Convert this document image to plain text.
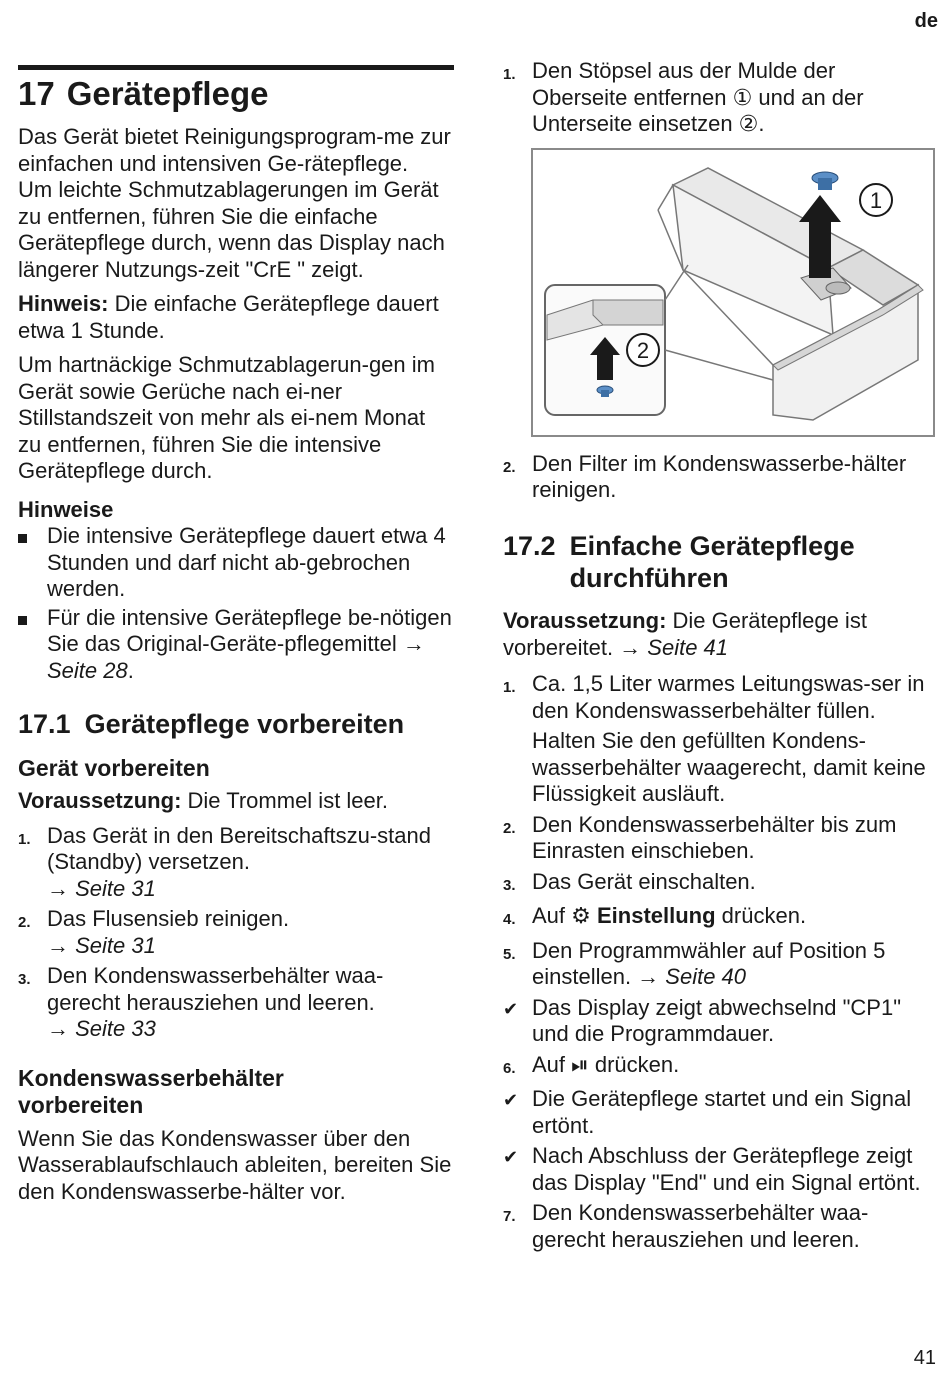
de
17 Gerätepflege

Das Gerät bietet Reinigungsprogram-me zur einfachen und intensiven Ge-rätepflege.

Um leichte Schmutzablagerungen im Gerät zu entfernen, führen Sie die einfache Gerätepflege durch, wenn das Display nach längerer Nutzungs-zeit "CrE " zeigt.

Hinweis: Die einfache Gerätepflege dauert etwa 1 Stunde.

Um hartnäckige Schmutzablagerun-gen im Gerät sowie Gerüche nach ei-ner Stillstandszeit von mehr als ei-nem Monat zu entfernen, führen Sie die intensive Gerätepflege durch.

Hinweise

Die intensive Gerätepflege dauert etwa 4 Stunden und darf nicht ab-gebrochen werden.
Für die intensive Gerätepflege be-nötigen Sie das Original-Geräte-pflegemittel → Seite 28.
17.1 Gerätepflege vorbereiten
Gerät vorbereiten

Voraussetzung: Die Trommel ist leer.

1. Das Gerät in den Bereitschaftszu-stand (Standby) versetzen.
→ Seite 31
2. Das Flusensieb reinigen.
→ Seite 31
3. Den Kondenswasserbehälter waa-gerecht herausziehen und leeren.
→ Seite 33
Kondenswasserbehälter vorbereiten

Wenn Sie das Kondenswasser über den Wasserablaufschlauch ableiten, bereiten Sie den Kondenswasserbe-hälter vor.

1. Den Stöpsel aus der Mulde der Oberseite entfernen ① und an der Unterseite einsetzen ②.
1
2
2. Den Filter im Kondenswasserbe-hälter reinigen.
17.2 Einfache Gerätepflege durchführen

Voraussetzung: Die Gerätepflege ist vorbereitet. → Seite 41

1. Ca. 1,5 Liter warmes Leitungswas-ser in den Kondenswasserbehälter füllen.
Halten Sie den gefüllten Kondens-wasserbehälter waagerecht, damit keine Flüssigkeit ausläuft.
2. Den Kondenswasserbehälter bis zum Einrasten einschieben.
3. Das Gerät einschalten.
4. Auf ⚙ Einstellung drücken.
5. Den Programmwähler auf Position 5 einstellen. → Seite 40
✔ Das Display zeigt abwechselnd "CP1" und die Programmdauer.
6. Auf ⏯ drücken.
✔ Die Gerätepflege startet und ein Signal ertönt.
✔ Nach Abschluss der Gerätepflege zeigt das Display "End" und ein Signal ertönt.
7. Den Kondenswasserbehälter waa-gerecht herausziehen und leeren.
41
